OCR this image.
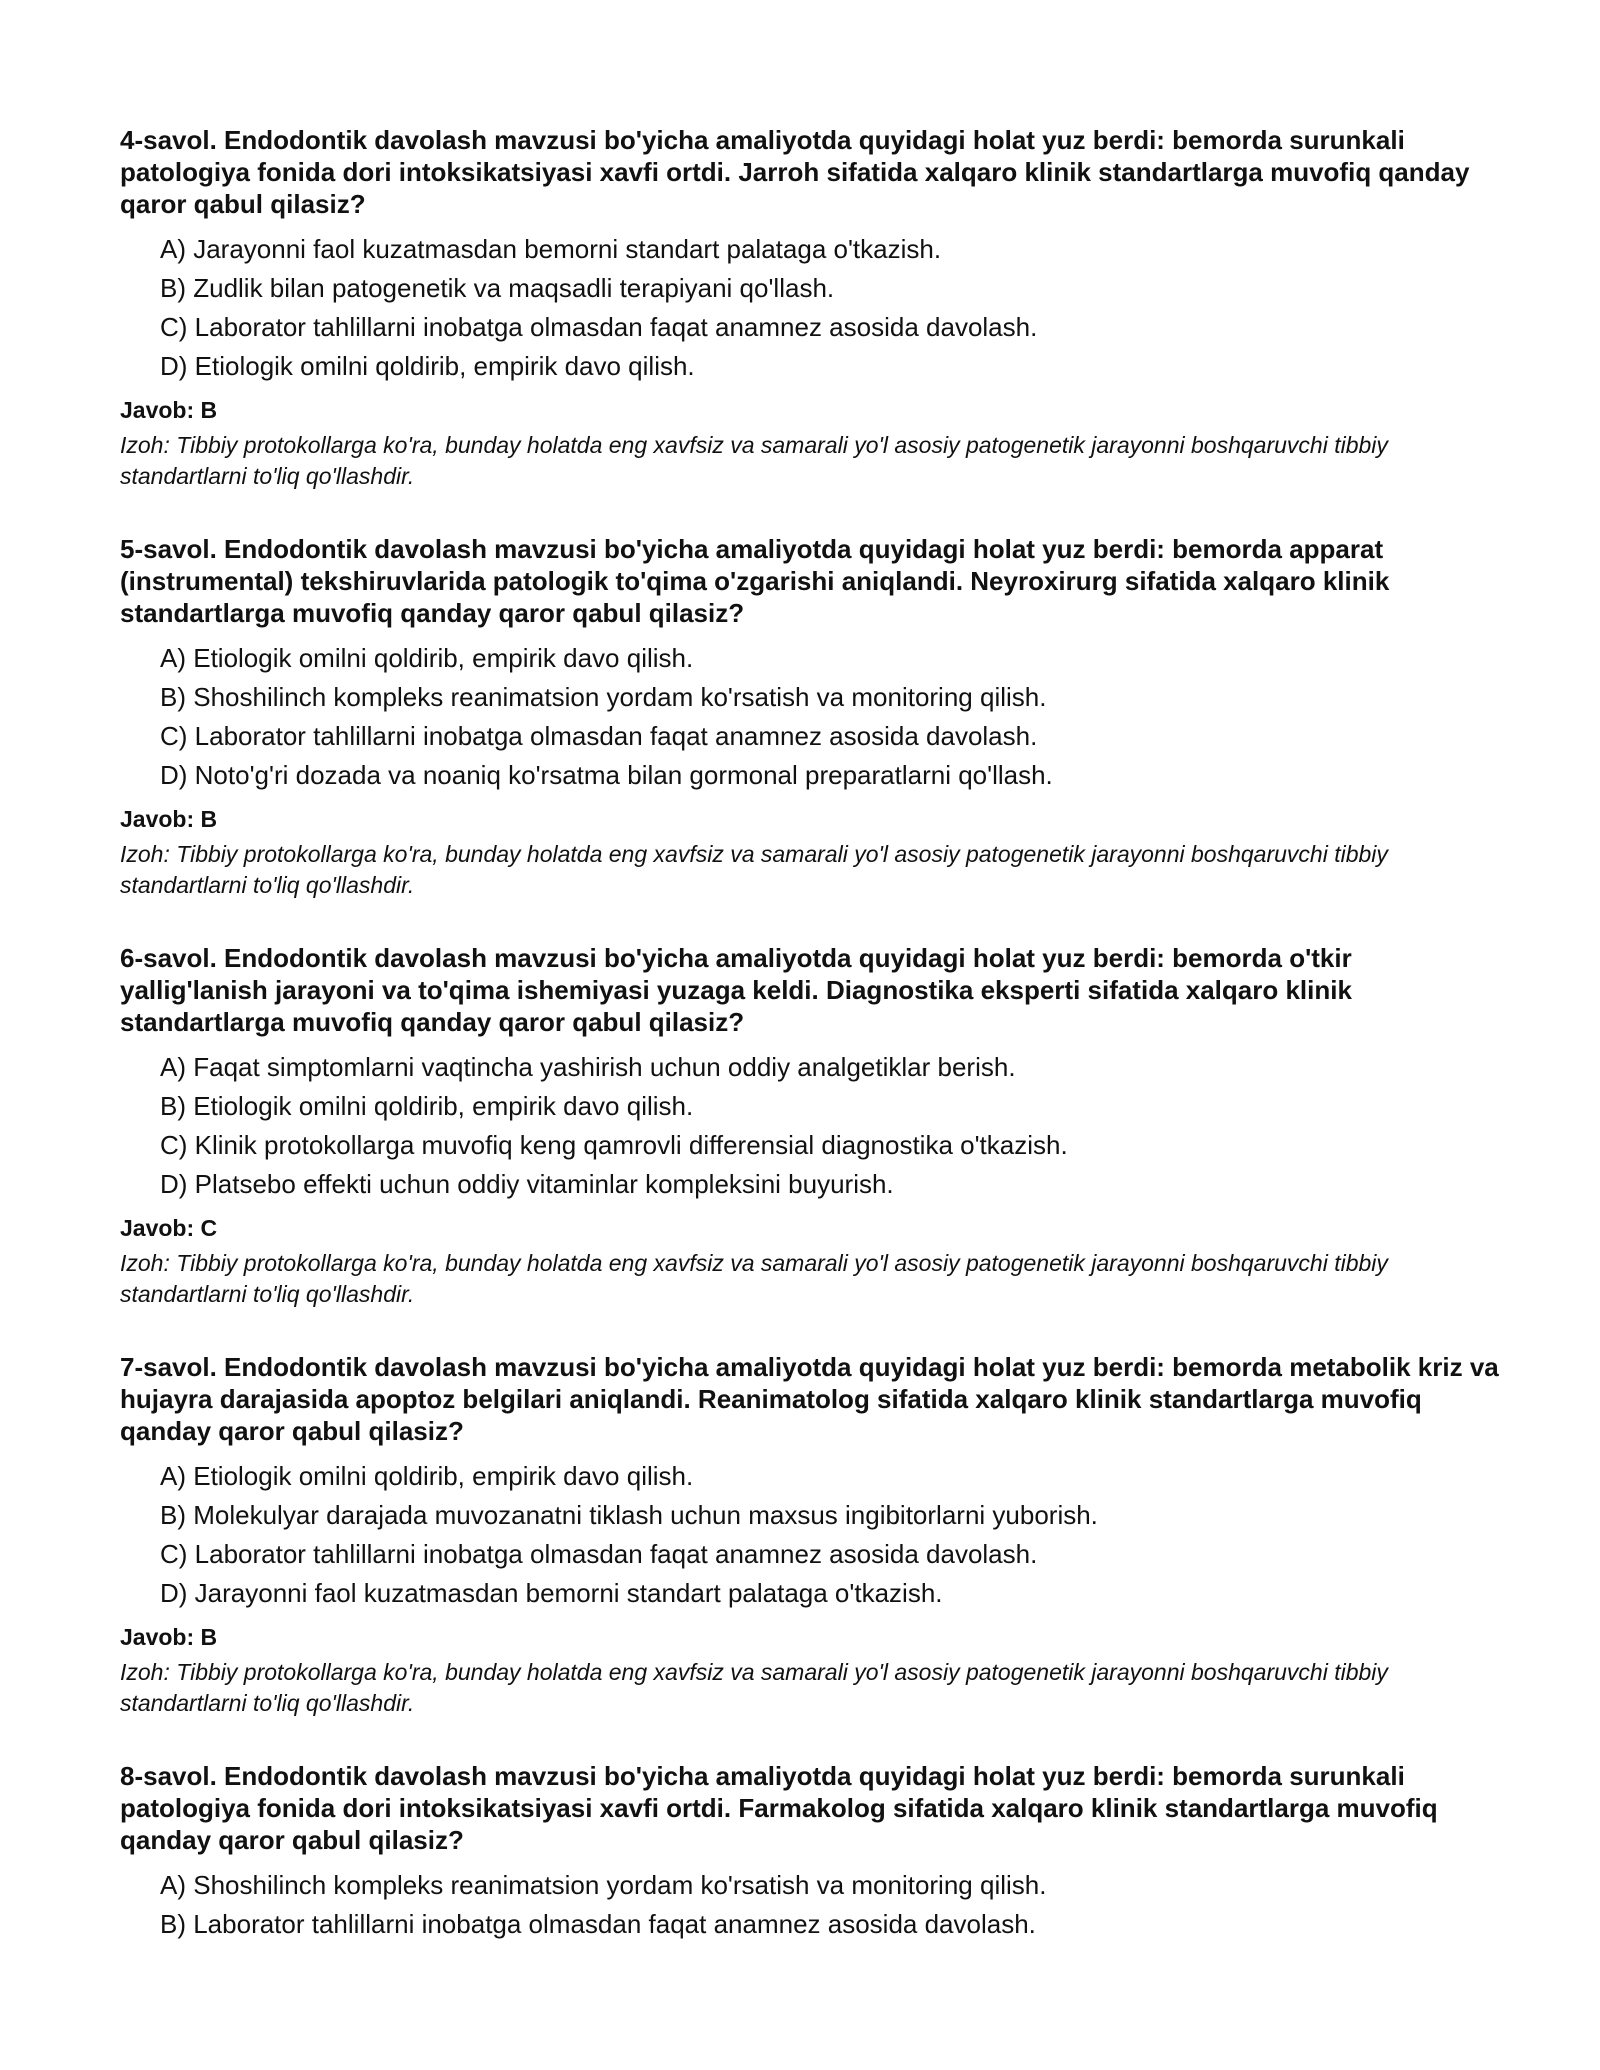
4-savol. Endodontik davolash mavzusi bo'yicha amaliyotda quyidagi holat yuz berdi: bemorda surunkali patologiya fonida dori intoksikatsiyasi xavfi ortdi. Jarroh sifatida xalqaro klinik standartlarga muvofiq qanday qaror qabul qilasiz?

A) Jarayonni faol kuzatmasdan bemorni standart palataga o'tkazish.
B) Zudlik bilan patogenetik va maqsadli terapiyani qo'llash.
C) Laborator tahlillarni inobatga olmasdan faqat anamnez asosida davolash.
D) Etiologik omilni qoldirib, empirik davo qilish.

Javob: B

Izoh: Tibbiy protokollarga ko'ra, bunday holatda eng xavfsiz va samarali yo'l asosiy patogenetik jarayonni boshqaruvchi tibbiy standartlarni to'liq qo'llashdir.

5-savol. Endodontik davolash mavzusi bo'yicha amaliyotda quyidagi holat yuz berdi: bemorda apparat (instrumental) tekshiruvlarida patologik to'qima o'zgarishi aniqlandi. Neyroxirurg sifatida xalqaro klinik standartlarga muvofiq qanday qaror qabul qilasiz?

A) Etiologik omilni qoldirib, empirik davo qilish.
B) Shoshilinch kompleks reanimatsion yordam ko'rsatish va monitoring qilish.
C) Laborator tahlillarni inobatga olmasdan faqat anamnez asosida davolash.
D) Noto'g'ri dozada va noaniq ko'rsatma bilan gormonal preparatlarni qo'llash.

Javob: B

Izoh: Tibbiy protokollarga ko'ra, bunday holatda eng xavfsiz va samarali yo'l asosiy patogenetik jarayonni boshqaruvchi tibbiy standartlarni to'liq qo'llashdir.

6-savol. Endodontik davolash mavzusi bo'yicha amaliyotda quyidagi holat yuz berdi: bemorda o'tkir yallig'lanish jarayoni va to'qima ishemiyasi yuzaga keldi. Diagnostika eksperti sifatida xalqaro klinik standartlarga muvofiq qanday qaror qabul qilasiz?

A) Faqat simptomlarni vaqtincha yashirish uchun oddiy analgetiklar berish.
B) Etiologik omilni qoldirib, empirik davo qilish.
C) Klinik protokollarga muvofiq keng qamrovli differensial diagnostika o'tkazish.
D) Platsebo effekti uchun oddiy vitaminlar kompleksini buyurish.

Javob: C

Izoh: Tibbiy protokollarga ko'ra, bunday holatda eng xavfsiz va samarali yo'l asosiy patogenetik jarayonni boshqaruvchi tibbiy standartlarni to'liq qo'llashdir.

7-savol. Endodontik davolash mavzusi bo'yicha amaliyotda quyidagi holat yuz berdi: bemorda metabolik kriz va hujayra darajasida apoptoz belgilari aniqlandi. Reanimatolog sifatida xalqaro klinik standartlarga muvofiq qanday qaror qabul qilasiz?

A) Etiologik omilni qoldirib, empirik davo qilish.
B) Molekulyar darajada muvozanatni tiklash uchun maxsus ingibitorlarni yuborish.
C) Laborator tahlillarni inobatga olmasdan faqat anamnez asosida davolash.
D) Jarayonni faol kuzatmasdan bemorni standart palataga o'tkazish.

Javob: B

Izoh: Tibbiy protokollarga ko'ra, bunday holatda eng xavfsiz va samarali yo'l asosiy patogenetik jarayonni boshqaruvchi tibbiy standartlarni to'liq qo'llashdir.

8-savol. Endodontik davolash mavzusi bo'yicha amaliyotda quyidagi holat yuz berdi: bemorda surunkali patologiya fonida dori intoksikatsiyasi xavfi ortdi. Farmakolog sifatida xalqaro klinik standartlarga muvofiq qanday qaror qabul qilasiz?

A) Shoshilinch kompleks reanimatsion yordam ko'rsatish va monitoring qilish.
B) Laborator tahlillarni inobatga olmasdan faqat anamnez asosida davolash.
